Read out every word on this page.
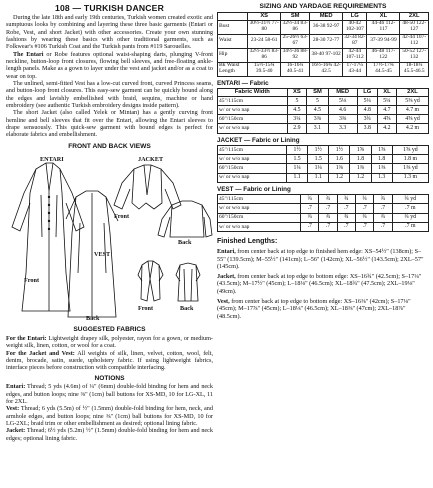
108 — TURKISH DANCER

During the late 18th and early 19th centuries, Turkish women created exotic and sumptuous looks by combining and layering these three basic garments (Entari or Robe, Vest, and short Jacket) with other accessories. Create your own stunning fashions by wearing these basics with other traditional garments, such as Folkwear's #106 Turkish Coat and the Turkish pants from #119 Sarouelles.

The Entari or Robe features optional waist-shaping darts, plunging V-front neckline, button-loop front closures, flowing bell sleeves, and free-floating ankle-length panels. Make as a gown to layer under the vest and jacket and/or as a coat to wear on top.

The unlined, semi-fitted Vest has a low-cut curved front, curved Princess seams, and button-loop front closures. This easy-sew garment can be quickly bound along the edges and lavishly embellished with braid, sequins, machine or hand embroidery (see authentic Turkish embroidery designs inside pattern).

The short Jacket (also called Yelek or Mintan) has a gently curving front hemline and bell sleeves that fit over the Entari, allowing the Entari sleeves to drape sensuously. This quick-sew garment with bound edges is perfect for elaborate fabrics and embellishment.

FRONT AND BACK VIEWS
ENTARI	JACKET
Front
Back
Front
VEST
Front	Back
Back
SUGGESTED FABRICS

For the Entari: Lightweight drapey silk, polyester, rayon for a gown, or medium-weight silk, linen, cotton, or wool for a coat.

For the Jacket and Vest: All weights of silk, linen, velvet, cotton, wool, felt, denim, brocade, satin, suede, upholstery fabric. If using lightweight fabrics, interface pieces before construction with compatible interfacing.

NOTIONS

Entari: Thread; 5 yds (4.6m) of ¼" (6mm) double-fold binding for hem and neck edges, and button loops; nine ⅜" (1cm) ball buttons for XS-MD, 10 for LG-XL, 11 for 2XL.

Vest: Thread; 6 yds (5.5m) of ½" (1.5mm) double-fold binding for hem, neck, and armhole edges, and button loops; nine ⅜" (1cm) ball buttons for XS-MD, 10 for LG-2XL; braid trim or other embellishment as desired; optional lining fabric.

Jacket: Thread; 6½ yds (5.2m) ½" (1.5mm) double-fold binding for hem and neck edges; optional lining fabric.

SIZING AND YARDAGE REQUIREMENTS
	XS	SM	MED	LG	XL	2XL
Bust	30½-31½ 77-80	32½-34 83-86	36-38 92-97	40-42 102-107	44-46 112-117	48-50 122-127
Waist	23-24 58-61	25-26½ 63-67	28-30 72-77	32-34 82-87	37-39 94-99	42-44 107-112
Hip	32½-33½ 83-86	34½-36 88-92	38-40 97-102	42-44 107-112	46-48 117-122	50-52 127-132
Bk Waist Length	15½-15¾ 39.5-40	16-16¼ 40.5-41	16½-16¾ 42-42.5	17-17¼ 43-44	17½-17¾ 44.5-45	18-18¼ 45.5-46.5
ENTARI — Fabric
Fabric Width	XS	SM	MED	LG	XL	2XL
45"/115cm	5	5	5⅛	5¼	5¼	5⅜ yd
w/ or w/o nap	4.5	4.5	4.6	4.8	4.7	4.7 m
60"/150cm	3¼	3⅜	3⅜	3¾	4⅝	4⅝ yd
w/ or w/o nap	2.9	3.1	3.3	3.8	4.2	4.2 m
JACKET — Fabric or Lining
45"/115cm	1½	1½	1½	1⅝	1⅝	1⅝ yd
w/ or w/o nap	1.5	1.5	1.6	1.8	1.8	1.8 m
60"/150cm	1¼	1¼	1⅜	1⅜	1⅜	1⅜ yd
w/ or w/o nap	1.1	1.1	1.2	1.2	1.3	1.3 m
VEST — Fabric or Lining
45"/115cm	¾	¾	¾	¾	¾	¾ yd
w/ or w/o nap	.7	.7	.7	.7	.7	.7 m
60"/150cm	¾	¾	¾	¾	¾	¾ yd
w/ or w/o nap	.7	.7	.7	.7	.7	.7 m
Finished Lengths:

Entari, from center back at top edge to finished hem edge: XS–54½" (138cm); S–55" (139.5cm); M–55½" (141cm); L–56" (142cm); XL–56½" (143.5cm); 2XL–57" (145cm).

Jacket, from center back at top edge to bottom edge: XS–16¾" (42.5cm); S–17¼" (43.5cm); M–17½" (45cm); L–18⅛" (46.5cm); XL–18¾" (47.5cm); 2XL–19⅛" (49cm).

Vest, from center back at top edge to bottom edge: XS–16⅜" (42cm); S–17⅛" (45cm); M–17⅞" (45cm); L–18⅛" (46.5cm); XL–18⅜" (47cm); 2XL–18⅞" (48.5cm).
